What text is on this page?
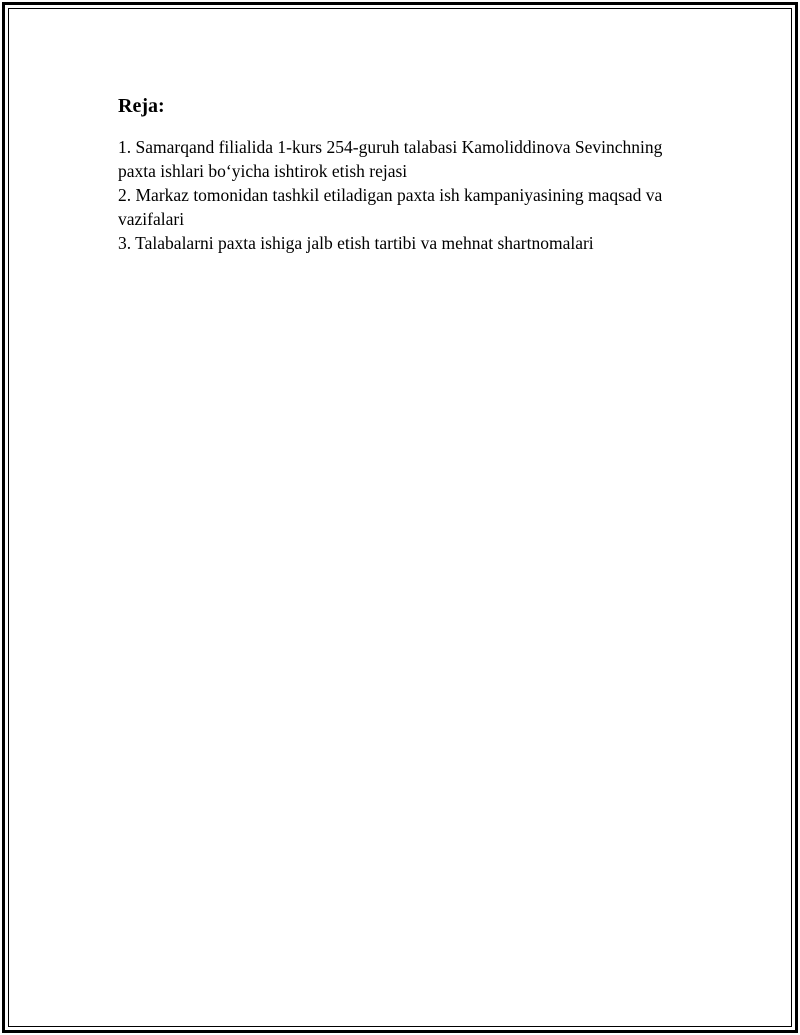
Reja:
1. Samarqand filialida 1-kurs 254-guruh talabasi Kamoliddinova Sevinchning paxta ishlari bo‘yicha ishtirok etish rejasi
2. Markaz tomonidan tashkil etiladigan paxta ish kampaniyasining maqsad va vazifalari
3. Talabalarni paxta ishiga jalb etish tartibi va mehnat shartnomalari
